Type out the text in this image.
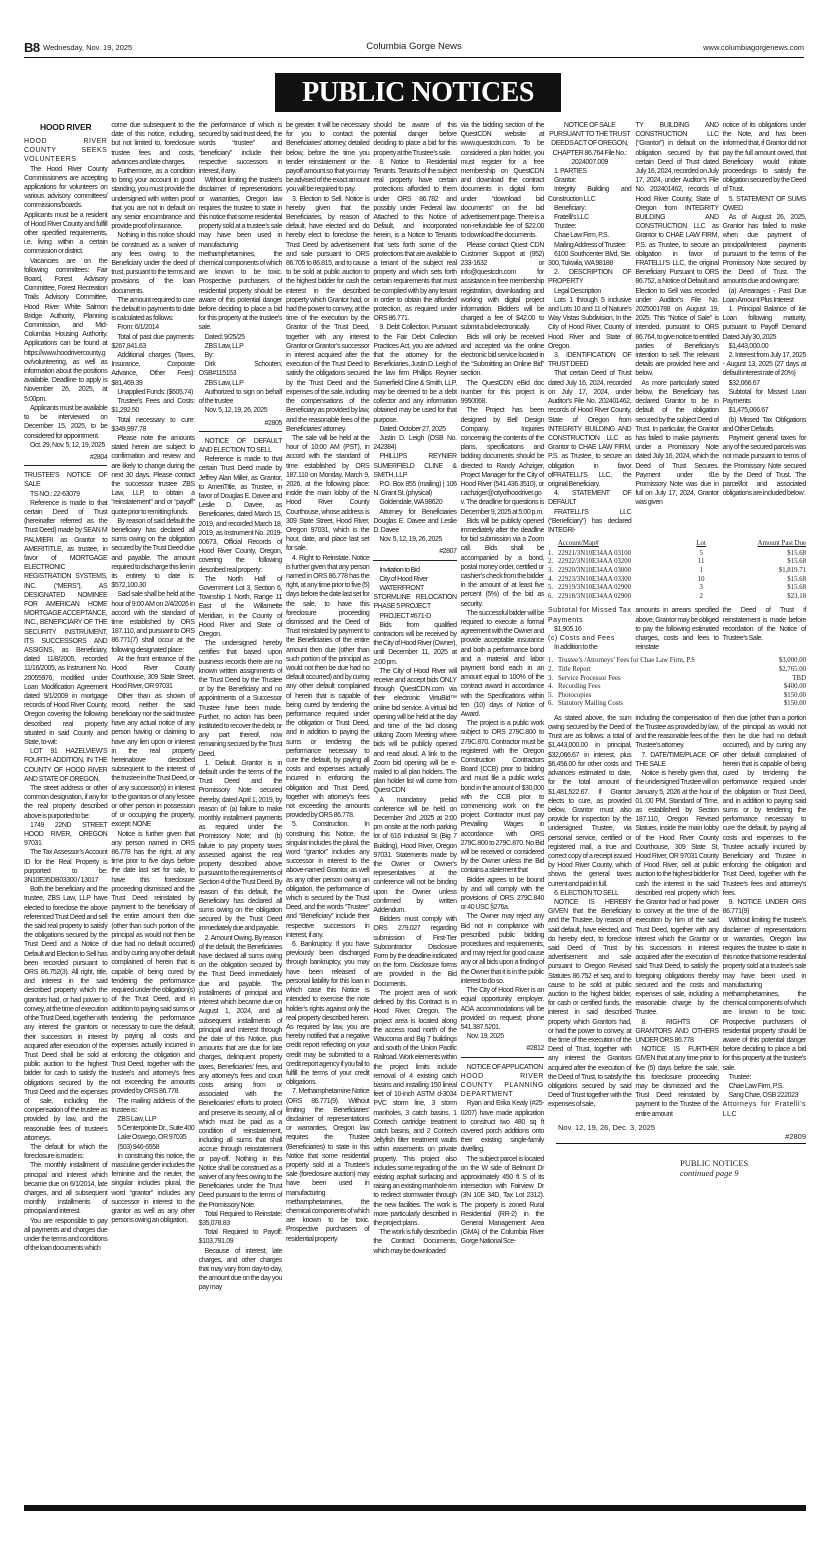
B8 Wednesday, Nov. 19, 2025	Columbia Gorge News	www.columbiagorgenews.com
PUBLIC NOTICES

HOOD RIVER

HOOD RIVER COUNTY SEEKS VOLUNTEERS

The Hood River County Commissioners are accepting applications for volunteers on various advisory committees/ commissions/boards. Applicants must be a resident of Hood River County and fulfill other specified requirements, i.e. living within a certain commission or district.

Vacancies are on the following committees: Fair Board, Forest Advisory Committee, Forest Recreation Trails Advisory Committee, Hood River White Salmon Bridge Authority, Planning Commission, and Mid-Columbia Housing Authority. Applications can be found at https://www.hoodrivercounty.gov/volunteering, as well as information about the positions available. Deadline to apply is November 26, 2025, at 5:00pm.

Applicants must be available to be interviewed on December 15, 2025, to be considered for appointment.

Oct. 29, Nov. 5, 12, 19, 2025

#2804

TRUSTEE’S NOTICE OF SALE

TS NO.: 22-63079

Reference is made to that certain Deed of Trust (hereinafter referred as the Trust Deed) made by SEAN M PALMIERI as Grantor to AMERITITLE, as trustee, in favor of MORTGAGE ELECTRONIC REGISTRATION SYSTEMS, INC. (“MERS”), AS DESIGNATED NOMINEE FOR AMERICAN HOME MORTGAGE ACCEPTANCE, INC., BENEFICIARY OF THE SECURITY INSTRUMENT, ITS SUCCESSORS AND ASSIGNS, as Beneficiary, dated 11/8/2005, recorded 11/16/2005, as Instrument No. 20055976, modified under Loan Modification Agreement dated 9/1/2009 in mortgage records of Hood River County, Oregon covering the following described real property situated in said County and State, to-wit:

LOT 91 HAZELVIEW’S FOURTH ADDITION, IN THE COUNTY OF HOOD RIVER AND STATE OF OREGON.

The street address or other common designation, if any for the real property described above is purported to be:

1749 22ND STREET HOOD RIVER, OREGON 97031

The Tax Assessor’s Account ID for the Real Property is purported to be: 3N10E35DB03300 / 13017

Both the beneficiary and the trustee, ZBS Law, LLP have elected to foreclose the above referenced Trust Deed and sell the said real property to satisfy the obligations secured by the Trust Deed and a Notice of Default and Election to Sell has been recorded pursuant to ORS 86.752(3). All right, title, and interest in the said described property which the grantors had, or had power to convey, at the time of execution of the Trust Deed, together with any interest the grantors or their successors in interest acquired after execution of the Trust Deed shall be sold at public auction to the highest bidder for cash to satisfy the obligations secured by the Trust Deed and the expenses of sale, including the compensation of the trustee as provided by law, and the reasonable fees of trustee’s attorneys.

The default for which the foreclosure is made is:

The monthly installment of principal and interest which became due on 6/1/2014, late charges, and all subsequent monthly installments of principal and interest.

You are responsible to pay all payments and charges due under the terms and conditions of the loan documents which

come due subsequent to the date of this notice, including, but not limited to, foreclosure trustee fees and costs, advances and late charges.

Furthermore, as a condition to bring your account in good standing, you must provide the undersigned with written proof that you are not in default on any senior encumbrance and provide proof of insurance.

Nothing in this notice should be construed as a waiver of any fees owing to the Beneficiary under the deed of trust, pursuant to the terms and provisions of the loan documents.

The amount required to cure the default in payments to date is calculated as follows:

From: 6/1/2014

Total of past due payments: $267,841.63

Additional charges (Taxes, Insurance, Corporate Advance, Other Fees): $81,469.39

Unapplied Funds: ($605.74)

Trustee’s Fees and Costs: $1,292.50

Total necessary to cure: $349,997.78

Please note the amounts stated herein are subject to confirmation and review and are likely to change during the next 30 days. Please contact the successor trustee ZBS Law, LLP, to obtain a “reinstatement” and or “payoff” quote prior to remitting funds.

By reason of said default the beneficiary has declared all sums owing on the obligation secured by the Trust Deed due and payable. The amount required to discharge this lien in its entirety to date is: $572,100.30

Said sale shall be held at the hour of 9:00 AM on 2/4/2026 in accord with the standard of time established by ORS 187.110, and pursuant to ORS 86.771(7) shall occur at the following designated place:

At the front entrance of the Hood River County Courthouse, 309 State Street, Hood River, OR 97031

Other than as shown of record, neither the said beneficiary nor the said trustee have any actual notice of any person having or claiming to have any lien upon or interest in the real property hereinabove described subsequent to the interest of the trustee in the Trust Deed, or of any successor(s) in interest to the grantors or of any lessee or other person in possession of or occupying the property, except: NONE

Notice is further given that any person named in ORS 86.778 has the right, at any time prior to five days before the date last set for sale, to have this foreclosure proceeding dismissed and the Trust Deed reinstated by payment to the beneficiary of the entire amount then due (other than such portion of the principal as would not then be due had no default occurred) and by curing any other default complained of herein that is capable of being cured by tendering the performance required under the obligation(s) of the Trust Deed, and in addition to paying said sums or tendering the performance necessary to cure the default, by paying all costs and expenses actually incurred in enforcing the obligation and Trust Deed, together with the trustee’s and attorney’s fees not exceeding the amounts provided by ORS 86.778.

The mailing address of the trustee is:

ZBS Law, LLP

5 Centerpointe Dr., Suite 400

Lake Oswego, OR 97035

(503) 946-6558

In construing this notice, the masculine gender includes the feminine and the neuter, the singular includes plural, the word “grantor” includes any successor in interest to the grantor as well as any other persons owing an obligation,

the performance of which is secured by said trust deed, the words “trustee” and “beneficiary” include their respective successors in interest, if any.

Without limiting the trustee’s disclaimer of representations or warranties, Oregon law requires the trustee to state in this notice that some residential property sold at a trustee’s sale may have been used in manufacturing methamphetamines, the chemical components of which are known to be toxic. Prospective purchasers of residential property should be aware of this potential danger before deciding to place a bid for this property at the trustee’s sale.

Dated: 9/25/25

ZBS Law, LLP

By:

Dirk Schouten, OSB#115153

ZBS Law, LLP

Authorized to sign on behalf of the trustee

Nov. 5, 12, 19, 26, 2025

#2805

NOTICE OF DEFAULT AND ELECTION TO SELL

Reference is made to that certain Trust Deed made by Jeffrey Alan Miller, as Grantor, to AmeriTitle, as Trustee, in favor of Douglas E. Davee and Leslie D. Davee, as Beneficiaries, dated March 15, 2019, and recorded March 18, 2019, as Instrument No. 2019-00673, Official Records of Hood River County, Oregon, covering the following described real property:

The North Half of Government Lot 3, Section 6, Township 1 North, Range 11 East of the Willamette Meridian, in the County of Hood River and State of Oregon.

The undersigned hereby certifies that based upon business records there are no known written assignments of the Trust Deed by the Trustee or by the Beneficiary and no appointments of a Successor Trustee have been made. Further, no action has been instituted to recover the debt, or any part thereof, now remaining secured by the Trust Deed.

1. Default. Grantor is in default under the terms of the Trust Deed and the Promissory Note secured thereby, dated April 1, 2019, by reason of: (a) failure to make monthly installment payments as required under the Promissory Note; and (b) failure to pay property taxes assessed against the real property described above pursuant to the requirements of Section 4 of the Trust Deed. By reason of this default, the Beneficiary has declared all sums owing on the obligation secured by the Trust Deed immediately due and payable.

2. Amount Owing. By reason of the default, the Beneficiaries have declared all sums owing on the obligation secured by the Trust Deed immediately due and payable. The installments of principal and interest which became due on August 1, 2024, and all subsequent installments of principal and interest through the date of this Notice, plus amounts that are due for late charges, delinquent property taxes, Beneficiaries’ fees, and any attorney’s fees and court costs arising from or associated with the Beneficiaries’ efforts to protect and preserve its security, all of which must be paid as a condition of reinstatement, including all sums that shall accrue through reinstatement or pay-off. Nothing in this Notice shall be construed as a waiver of any fees owing to the Beneficiaries under the Trust Deed pursuant to the terms of the Promissory Note.

Total Required to Reinstate: $35,078.83

Total Required to Payoff: $103,791.09

Because of interest, late charges, and other charges that may vary from day-to-day, the amount due on the day you pay may

be greater. It will be necessary for you to contact the Beneficiaries’ attorney, detailed below, before the time you tender reinstatement or the payoff amount so that you may be advised of the exact amount you will be required to pay.

3. Election to Sell. Notice is hereby given that the Beneficiaries, by reason of default, have elected and do hereby elect to foreclose the Trust Deed by advertisement and sale pursuant to ORS 86.705 to 86.815, and to cause to be sold at public auction to the highest bidder for cash the interest in the described property which Grantor had, or had the power to convey, at the time of the execution by the Grantor of the Trust Deed, together with any interest Grantor or Grantor’s successor in interest acquired after the execution of the Trust Deed to satisfy the obligations secured by the Trust Deed and the expenses of the sale, including the compensations of the Beneficiary as provided by law, and the reasonable fees of the Beneficiaries’ attorney.

The sale will be held at the hour of 10:00 AM (PST), in accord with the standard of time established by ORS 187.110 on Monday, March 9, 2026, at the following place: inside the main lobby of the Hood River County Courthouse, whose address is 309 State Street, Hood River, Oregon 97031, which is the hour, date, and place last set for sale.

4. Right to Reinstate. Notice is further given that any person named in ORS 86.778 has the right, at any time prior to five (5) days before the date last set for the sale, to have this foreclosure proceeding dismissed and the Deed of Trust reinstated by payment to the Beneficiaries of the entire amount then due (other than such portion of the principal as would not then be due had no default occurred) and by curing any other default complained of herein that is capable of being cured by tendering the performance required under the obligation or Trust Deed, and in addition to paying the sums or tendering the performance necessary to cure the default, by paying all costs and expenses actually incurred in enforcing the obligation and Trust Deed, together with attorney’s fees not exceeding the amounts provided by ORS 86.778.

5. Construction. In construing this Notice, the singular includes the plural, the word “grantor” includes any successor in interest to the above-named Grantor, as well as any other person owing an obligation, the performance of which is secured by the Trust Deed, and the words “Trustee” and “Beneficiary” include their respective successors in interest, if any.

6. Bankruptcy. If you have previously been discharged through bankruptcy, you may have been released of personal liability for this loan in which case this Notice is intended to exercise the note holder’s rights against only the real property described herein. As required by law, you are hereby notified that a negative credit report reflecting on your credit may be submitted to a credit report agency if you fail to fulfill the terms of your credit obligations.

7. Methamphetamine Notice (ORS 86.771(9). Without limiting the Beneficiaries’ disclaimer of representations or warranties, Oregon law requires the Trustee (Beneficiaries) to state in this Notice that some residential property sold at a Trustee’s sale (foreclosure auction) may have been used in manufacturing methamphetamines, the chemical components of which are known to be toxic. Prospective purchasers of residential property

should be aware of this potential danger before deciding to place a bid for this property at the Trustee’s sale.

8. Notice to Residential Tenants. Tenants of the subject real property have certain protections afforded to them under ORS 86.782 and possibly under Federal law. Attached to this Notice of Default, and incorporated herein, is a Notice to Tenants that sets forth some of the protections that are available to a tenant of the subject real property and which sets forth certain requirements that must be complied with by any tenant in order to obtain the afforded protection, as required under ORS 86.771.

9. Debt Collection. Pursuant to the Fair Debt Collection Practices Act, you are advised that the attorney for the Beneficiaries, Justin D. Leigh of the law firm Phillips Reynier Sumerfield Cline & Smith, LLP, may be deemed to be a debt collector and any information obtained may be used for that purpose.

Dated: October 27, 2025

Justin D. Leigh (OSB No. 242384)

PHILLIPS REYNIER SUMERFIELD CLINE & SMITH, LLP

P.O. Box 855 (mailing) | 106 N. Grant St. (physical)

Goldendale, WA 98620

Attorney for Beneficiaries Douglas E. Davee and Leslie D. Davee

Nov. 5, 12, 19, 26, 2025

#2807

Invitation to Bid

City of Hood River

WATERFRONT STORMLINE RELOCATION PHASE 5 PROJECT

PROJECT #671-D

Bids from qualified contractors will be received by the City of Hood River (Owner), until December 11, 2025 at 2:00 pm.

The City of Hood River will receive and accept bids ONLY through QuestCDN.com via their electronic VirtuBid™ online bid service. A virtual bid opening will be held at the day and time of the bid closing utilizing Zoom Meeting where bids will be publicly opened and read aloud. A link to the Zoom bid opening will be e-mailed to all plan holders. The plan holder list will come from Quest CDN

A mandatory prebid conference will be held on December 2nd ,2025 at 2:00 pm onsite at the north parking lot of 616 Industrial St (Big 7 Building), Hood River, Oregon 97031. Statements made by the Owner or Owner’s representatives at the conference will not be binding upon the Owner unless confirmed by written Addendum.

Bidders must comply with ORS 279.027 regarding submission of First-Tier Subcontractor Disclosure Form by the deadline indicated on the form. Disclosure forms are provided in the Bid Documents.

The project area of work defined by this Contract is in Hood River, Oregon. The project area is located along the access road north of the Waucoma and Big 7 buildings and south of the Union Pacific Railroad. Work elements within the project limits include removal of 4 existing catch basins and installing 150 lineal feet of 10-inch ASTM d-3034 PVC storm line, 3 storm manholes, 3 catch basins, 1 Contech cartridge treatment catch basins, and 2 Contech Jellyfish filter treatment vaults within easements on private property. This project also includes some regrading of the existing asphalt surfacing and raising an existing manhole rim to redirect stormwater through the new facilities. The work is more particularly described in the project plans.

The work is fully described in the Contract Documents, which may be downloaded

via the bidding section of the QuestCDN website at www.questcdn.com. To be considered a plan holder, you must register for a free membership on QuestCDN and download the contract documents in digital form under “download bid documents” on the bid advertisement page. There is a non-refundable fee of $22.00 to download the documents.

Please contact Quest CDN Customer Support at (952) 233-1632 or info@questcdn.com for assistance in free membership registration, downloading and working with digital project information. Bidders will be charged a fee of $42.00 to submit a bid electronically.

Bids will only be received and accepted via the online electronic bid service located in the “Submitting an Online Bid” section.

The QuestCDN eBid doc number for this project is 9950068.

The Project has been designed by Bell Design Company. Inquiries concerning the contents of the plans, specifications and bidding documents should be directed to Randy Achziger, Project Manager for the City of Hood River (541.436.3510), or r.achziger@cityofhoodriver.gov. The deadline for questions is December 9, 2025 at 5:00 p.m.

Bids will be publicly opened immediately after the deadline for bid submission via a Zoom call. Bids shall be accompanied by a bond, postal money order, certified or cashier’s check from the bidder in the amount of at least five percent (5%) of the bid as security.

The successful bidder will be required to execute a formal agreement with the Owner and provide acceptable insurance and both a performance bond and a material and labor payment bond each in an amount equal to 100% of the contract award in accordance with the Specifications within ten (10) days of Notice of Award.

The project is a public work subject to ORS 279C.800 to 279C.870. Contractor must be registered with the Oregon Construction Contractors Board (CCB) prior to bidding and must file a public works bond in the amount of $30,000 with the CCB prior to commencing work on the project. Contractor must pay Prevailing Wages in accordance with ORS 279C.800 to 279C.870. No Bid will be received or considered by the Owner unless the Bid contains a statement that

Bidder agrees to be bound by and will comply with the provisions of ORS 279C.840 or 40 USC §276a.

The Owner may reject any Bid not in compliance with prescribed public bidding procedures and requirements, and may reject for good cause any or all bids upon a finding of the Owner that it is in the public interest to do so.

The City of Hood River is an equal opportunity employer. ADA accommodations will be provided on request; phone 541.387.5201.

Nov. 19, 2025

#2812

NOTICE OF APPLICATION

HOOD RIVER COUNTY PLANNING DEPARTMENT

Ryan and Erika Kealy (#25-0207) have made application to construct two 480 sq ft covered porch additions onto their existing single-family dwelling.

The subject parcel is located on the W side of Belmont Dr approximately 450 ft S of its intersection with Fairview Dr (3N 10E 34D, Tax Lot 2312). The property is zoned Rural Residential (RR-2) in the General Management Area (GMA) of the Columbia River Gorge National Sce-

NOTICE OF SALE PURSUANT TO THE TRUST DEEDS ACT OF OREGON, CHAPTER 86.764 File No.: 2024007.009

1. PARTIES

Grantor:

Integrity Building and Construction LLC

Beneficiary:

Fratelli’s LLC

Trustee:

Chae Law Firm, P.S.

Mailing Address of Trustee:

6100 Southcenter Blvd, Ste. 300, Tukwila, WA 98188

2. DESCRIPTION OF PROPERTY

Legal Description

Lots 1 through 5 inclusive and Lots 10 and 11 of Nature’s Way Vistas Subdivision, In the City of Hood River, County of Hood River and State of Oregon.

3. IDENTIFICATION OF TRUST DEED

That certain Deed of Trust dated July 16, 2024, recorded on July 17, 2024, under Auditor’s File No. 202401462, records of Hood River County, State of Oregon from INTEGRITY BUILDING AND CONSTRUCTION LLC as Grantor to CHAE LAW FIRM, P.S. as Trustee, to secure an obligation in favor ofFRATELLI’S LLC, the original Beneficiary.

4. STATEMENT OF DEFAULT

FRATELLI’S LLC (“Beneficiary”) has declared INTEGRI-

TY BUILDING AND CONSTRUCTION LLC (“Grantor”) in default on the obligation secured by that certain Deed of Trust dated July 16, 2024, recorded on July 17, 2024, under Auditor’s File No. 202401462, records of Hood River County, State of Oregon from INTEGRITY BUILDING AND CONSTRUCTION LLC as Grantor to CHAE LAW FIRM, P.S. as Trustee, to secure an obligation in favor of FRATELLI’S LLC, the original Beneficiary. Pursuant to ORS 86.752, a Notice of Default and Election to Sell was recorded under Auditor’s File No. 2025001788 on August 19, 2025. This “Notice of Sale” is intended, pursuant to ORS 86.764, to give notice to entitled parties of Beneficiary’s intention to sell. The relevant details are provided here and below.

As more particularly stated below, the Beneficiary has declared Grantor to be in default of the obligation secured by the subject Deed of Trust. In particular, the Grantor has failed to make payments under a Promissory Note dated July 16, 2024, which the Deed of Trust Secures. Payment under tl1e Promissory Note was due in full on July 17, 2024, Grantor was given

notice of its obligations under the Note, and has been informed that, if Grantor did not pay the full amount owed, that Beneficiary would initiate proceedings to satisfy the obligation secured by the Deed of Trust.

5. STATEMENT OF SUMS OWED

As of August 26, 2025, Grantor has failed to make when due payment of principal/interest payments pursuant to the terms of the Promissory Note secured by the Deed of Trust. The amounts due and owing are:

(a) Arrearages - Past Due Loan Amount Plus Interest

1. Principal Balance of iIie Loan following maturity, pursuant to Payoff Demand Dated July 30, 2025

$1,443,000.00

2. Interest from July 17, 2025 - August 13, 2025 (27 days at default interest rate of 20%)

$32,066.67

Subtotal for Missed Loan Payments

$1,475,066.67

(b) Missed Tax Obligations and Other Defaults

Payment general taxes for any of the secured parcels was not made pursuant to terms of the Promissory Note secured by the Deed of Trust. The parcel/lot and associated obligations are included below:

	Account/Map#	Lot	Amount Past Due
1.	22921/3N10E34AA 03100	5	$15.68
2.	22922/3N10E34AA 03200	11	$15.68
3.	22920/3N10E34AA 03000	1	$1,819.71
4.	22923/3N10E34AA 03300	10	$15.68
5.	22919/3N10E34AA 02900	3	$15.68
6.	22918/3N10E34AA 02900	2	$23.18

Subtotal for Missed Tax Payments

$1,905.16

(c) Costs and Fees

In addition to the

amounts in arrears specified above, Grantor may be obliged to pay the following estimated charges, costs and fees to reinstate

the Deed of Trust if reinstatement is made before recordation of the Notice of Trustee’s Sale.

1.	Trustee’s /Attorneys’ Fees for Chae Law Firm, P.S	$3,000.00
2.	Title Report	$2,765.00
3.	Service Processor Fees	TBD
4.	Recording Fees	$400.00
5.	Photocopies	$150.00
6.	Statutory Mailing Costs	$150.00

As stated above, the sum owing secured by the Deed of Trust are as follows: a total of $1,443,000.00 in principal, $32,066.67 in interest, plus $6,456.00 for other costs and advances estimated to date, for the total amount of $1,481,522.67. If Grantor elects to cure, as provided below, Grantor must also provide for inspection by the undersigned Trustee, via personal service, certified or registered mail, a true and correct copy of a receipt issued by Hood River County, which shows the general taxes current and paid in full.

6. ELECTION TO SELL

NOTICE IS HEREBY GIVEN that the Beneficiary and the Trustee, by reason of said default, have elected, and do hereby elect, to foreclose said Deed of Trust by advertisement and sale pursuant to Oregon Revised Statutes 86.752 et seq, and to cause to be sold at public auction to the highest bidder, for cash or certified funds, the interest in said described property which Grantors had, or had the power to convey, at the time of the execution of the Deed of Trust, together with any interest the Grantors acquired after the execution of the Deed of Trust, to satisfy the obligations secured by said Deed of Trust together with the expenses of sale,

including the compensation of the Trustee as provided by law, and the reasonable fees of the Trustee’s attorney.

7. DATE/TIME/PLACE OF THE SALE

Notice is hereby given that, the undersigned Trustee will on January 5, 2026 at the hour of 01 :00 PM, Standard of Time, as established by Section 187.110, Oregon Revised Statues, inside the main lobby of the Hood River County Courthouse, 309 State St, Hood River, OR 97031 County of Hood River, sell at public auction to the highest bidder for cash the interest in the said described real property which the Grantor had or had power to convey at the time of the execution by him of the said Trust Deed, together with any interest which the Grantor or his successors in interest acquired after the execution of said Trust Deed, to satisfy the foregoing obligations thereby secured and the costs and expenses of sale, including a reasonable charge by the Trustee.

8. RIGHTS OF GRANTORS AND OTHERS UNDER ORS 86.778

NOTICE IS FURTHER GIVEN that at any time prior to five (5) days before the sale, this foreclosure proceeding may be dismissed and the Trust Deed reinstated by payment to the Trustee of the entire amount

then due (other than a portion of the principal as would not then be due had no default occurred), and by curing any other default complained of herein that is capable of being cured by tendering the performance required under the obligation or Trust Deed, and in addition to paying said sums or by tendering the performance necessary to cure the default, by paying all costs and expenses to the Trustee actually incurred by Beneficiary and Trustee in enforcing the obligation and Trust Deed, together with the Trustee’s fees and attorney’s fees.

9. NOTICE UNDER ORS 86.771(9)

Without limiting the trustee’s disclaimer of representations or warranties, Oregon law requires the trustee to state in this notice that some residential property sold at a trustee’s sale may have been used in manufacturing methamphetamines, the chemical components of which are known to be toxic. Prospective purchasers of residential property should be aware of this potential danger before deciding to place a bid for this property at the trustee’s sale.

Trustee:

Chae Law Firm, P.S.

Sang Chae, OSB 222023

Attorneys for Fratelli’s LLC

Nov. 12, 19, 26, Dec. 3, 2025
#2809
PUBLIC NOTICES
continued page 9
